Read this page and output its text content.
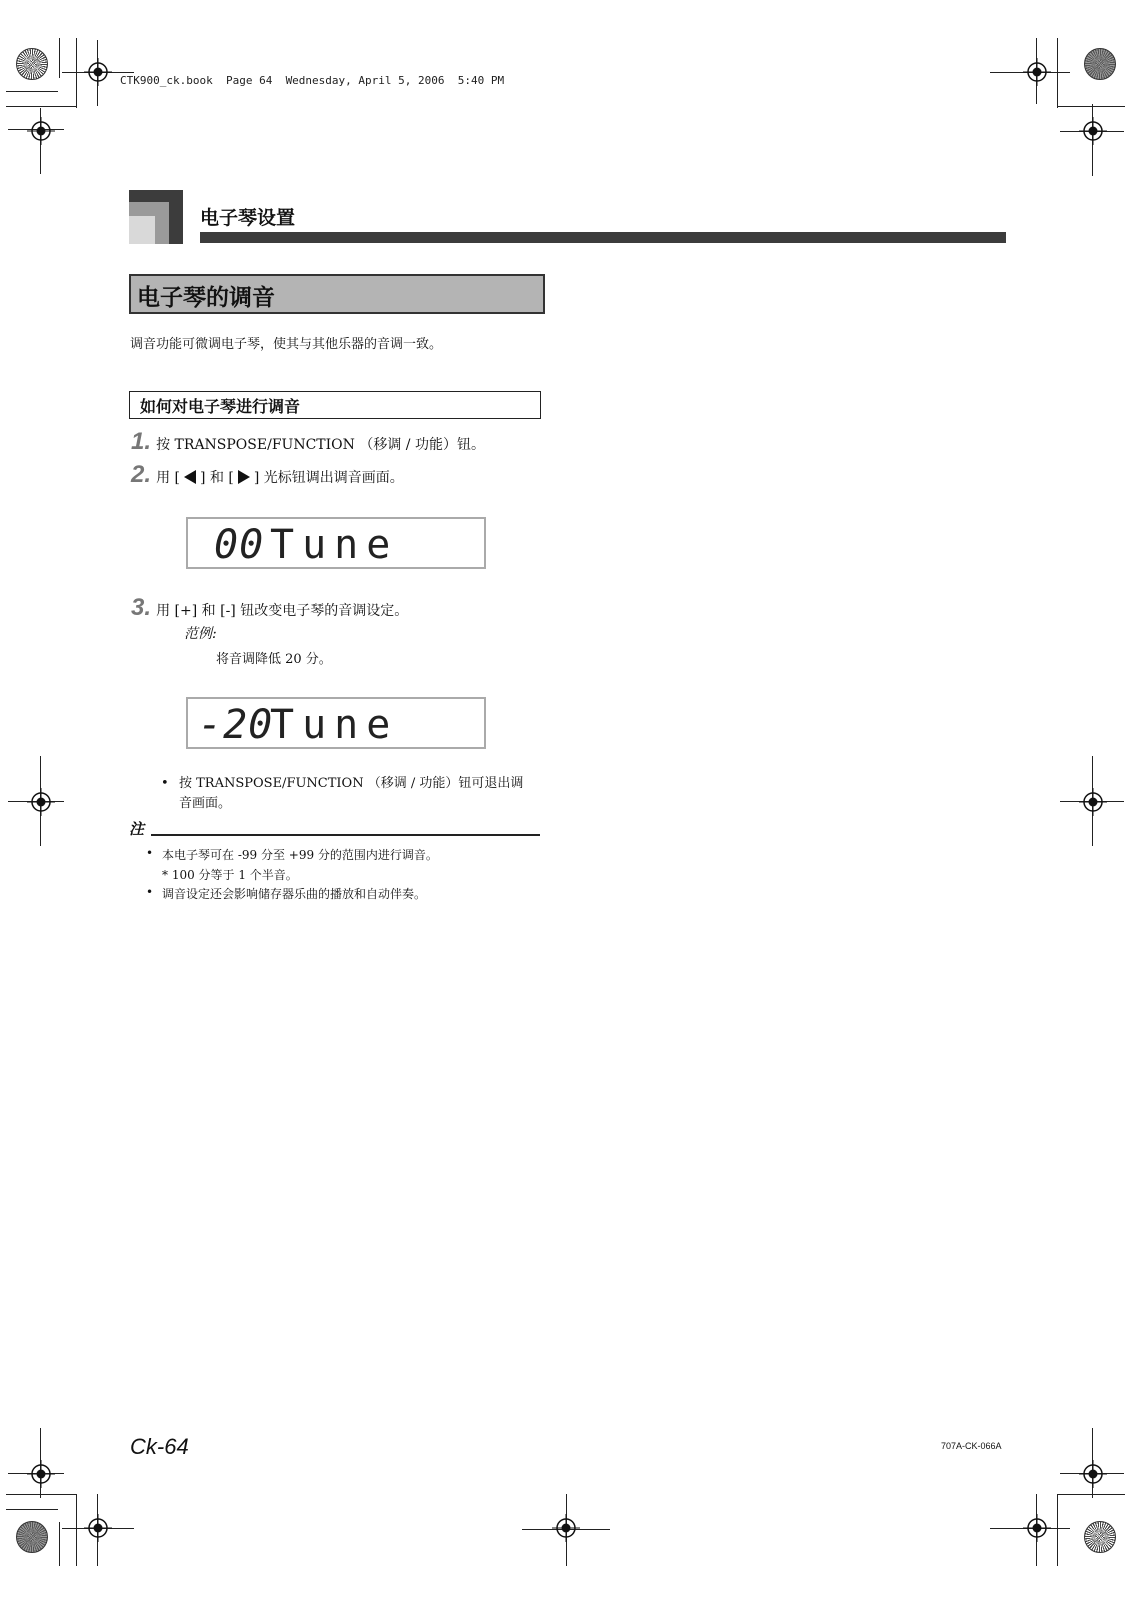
CTK900_ck.book  Page 64  Wednesday, April 5, 2006  5:40 PM
电子琴设置
电子琴的调音
调音功能可微调电子琴，使其与其他乐器的音调一致。
如何对电子琴进行调音
1. 按 TRANSPOSE/FUNCTION （移调 / 功能）钮。
2. 用 [ ] 和 [ ] 光标钮调出调音画面。
00 Tune
3. 用 [+] 和 [-] 钮改变电子琴的音调设定。
范例:
将音调降低 20 分。
-20
Tune
• 按 TRANSPOSE/FUNCTION （移调 / 功能）钮可退出调
音画面。
注
• 本电子琴可在 -99 分至 +99 分的范围内进行调音。
* 100 分等于 1 个半音。
• 调音设定还会影响储存器乐曲的播放和自动伴奏。
Ck-64	707A-CK-066A
